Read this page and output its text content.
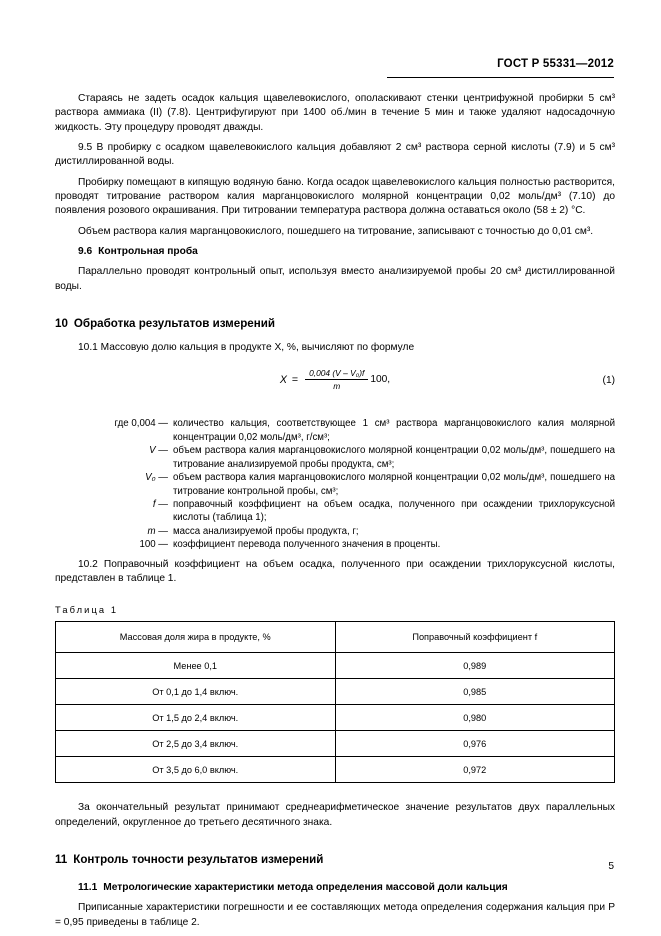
ГОСТ Р 55331—2012

Стараясь не задеть осадок кальция щавелевокислого, ополаскивают стенки центрифужной пробирки 5 см³ раствора аммиака (II) (7.8). Центрифугируют при 1400 об./мин в течение 5 мин и также удаляют надосадочную жидкость. Эту процедуру проводят дважды.

9.5 В пробирку с осадком щавелевокислого кальция добавляют 2 см³ раствора серной кислоты (7.9) и 5 см³ дистиллированной воды.

Пробирку помещают в кипящую водяную баню. Когда осадок щавелевокислого кальция полностью растворится, проводят титрование раствором калия марганцовокислого молярной концентрации 0,02 моль/дм³ (7.10) до появления розового окрашивания. При титровании температура раствора должна оставаться около (58 ± 2) °С.

Объем раствора калия марганцовокислого, пошедшего на титрование, записывают с точностью до 0,01 см³.

9.6 Контрольная проба

Параллельно проводят контрольный опыт, используя вместо анализируемой пробы 20 см³ дистиллированной воды.

10 Обработка результатов измерений

10.1 Массовую долю кальция в продукте X, %, вычисляют по формуле

$X = \frac{\text{0,004 (V – V₀)f}}{m} 100$,	(1)
где 0,004 — количество кальция, соответствующее 1 см³ раствора марганцовокислого калия молярной концентрации 0,02 моль/дм³, г/см³;
V — объем раствора калия марганцовокислого молярной концентрации 0,02 моль/дм³, пошедшего на титрование анализируемой пробы продукта, см³;
V₀ — объем раствора калия марганцовокислого молярной концентрации 0,02 моль/дм³, пошедшего на титрование контрольной пробы, см³;
f — поправочный коэффициент на объем осадка, полученного при осаждении трихлоруксусной кислоты (таблица 1);
m — масса анализируемой пробы продукта, г;
100 — коэффициент перевода полученного значения в проценты.

10.2 Поправочный коэффициент на объем осадка, полученного при осаждении трихлоруксусной кислоты, представлен в таблице 1.

Таблица 1
Массовая доля жира в продукте, %	Поправочный коэффициент f
Менее 0,1	0,989
От 0,1 до 1,4 включ.	0,985
От 1,5 до 2,4 включ.	0,980
От 2,5 до 3,4 включ.	0,976
От 3,5 до 6,0 включ.	0,972

За окончательный результат принимают среднеарифметическое значение результатов двух параллельных определений, округленное до третьего десятичного знака.

11 Контроль точности результатов измерений
11.1 Метрологические характеристики метода определения массовой доли кальция

Приписанные характеристики погрешности и ее составляющих метода определения содержания кальция при P = 0,95 приведены в таблице 2.

5
